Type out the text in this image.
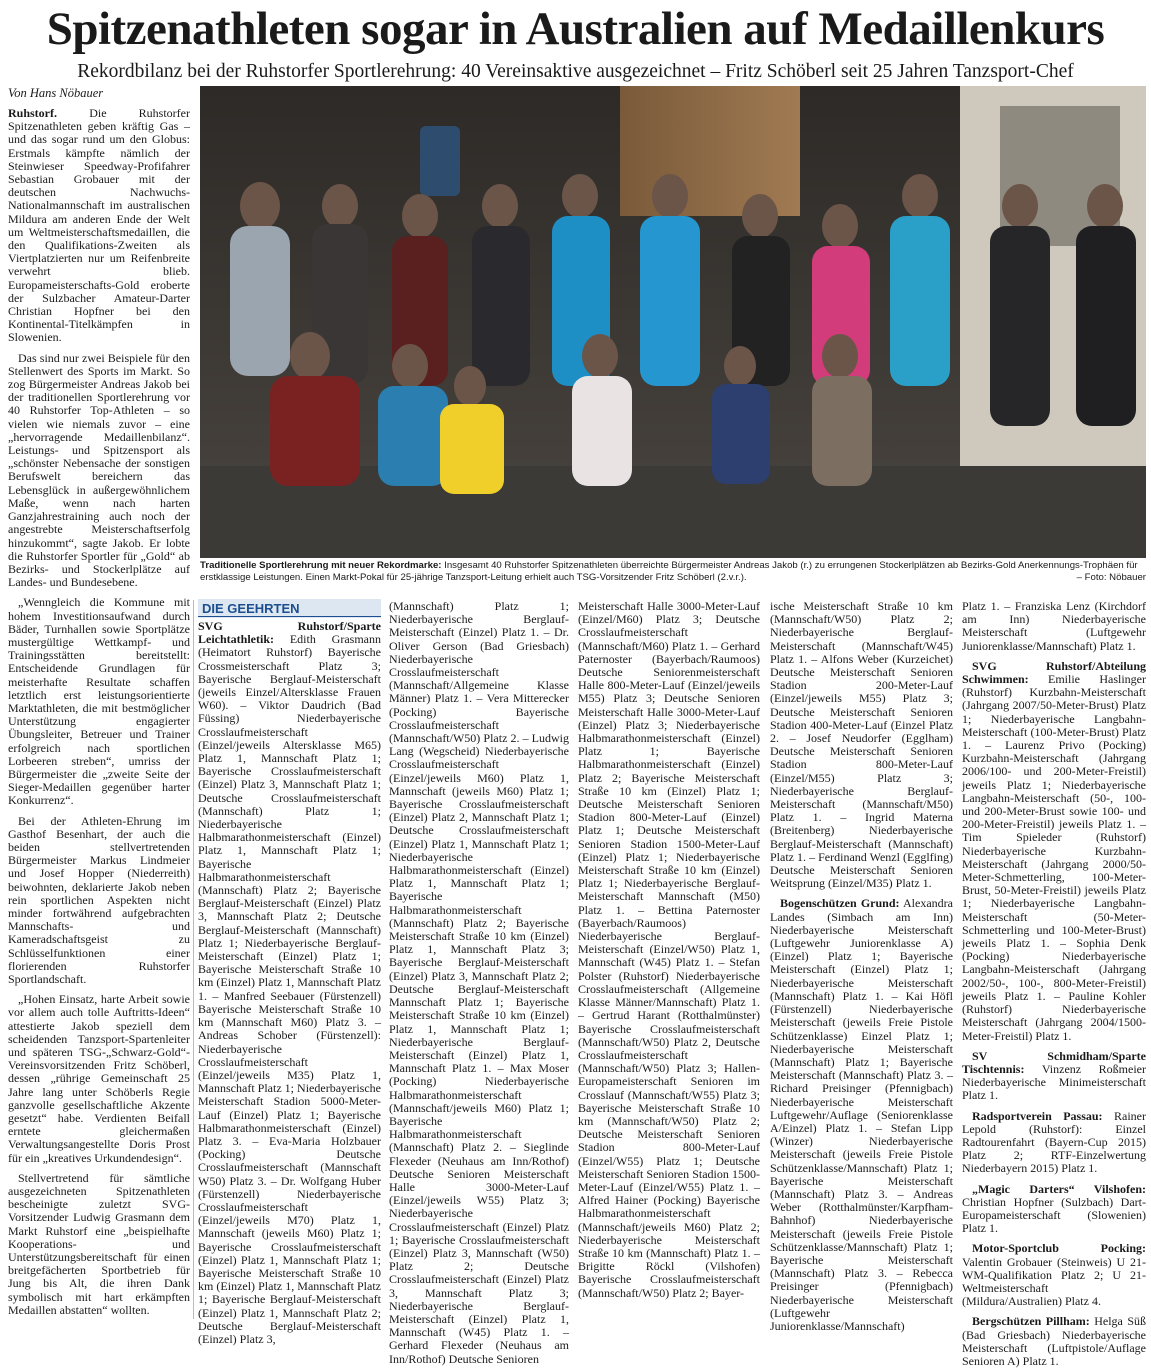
Spitzenathleten sogar in Australien auf Medaillenkurs
Rekordbilanz bei der Ruhstorfer Sportlerehrung: 40 Vereinsaktive ausgezeichnet – Fritz Schöberl seit 25 Jahren Tanzsport-Chef
Von Hans Nöbauer

Ruhstorf.	Die Ruhstorfer Spitzenathleten geben kräftig Gas – und das sogar rund um den Globus: Erstmals kämpfte nämlich der Steinwieser Speedway-Profifahrer Sebastian Grobauer mit der deutschen Nachwuchs-Nationalmannschaft im australischen Mildura am anderen Ende der Welt um Weltmeisterschaftsmedaillen, die den Qualifikations-Zweiten als Viertplatzierten nur um Reifenbreite verwehrt blieb. Europameisterschafts-Gold eroberte der Sulzbacher Amateur-Darter Christian Hopfner bei den Kontinental-Titelkämpfen in Slowenien.

Das sind nur zwei Beispiele für den Stellenwert des Sports im Markt. So zog Bürgermeister Andreas Jakob bei der traditionellen Sportlerehrung vor 40 Ruhstorfer Top-Athleten – so vielen wie niemals zuvor – eine „hervorragende Medaillenbilanz“. Leistungs- und Spitzensport als „schönster Nebensache der sonstigen Berufswelt bereichern das Lebensglück in außergewöhnlichem Maße, wenn nach harten Ganzjahrestraining auch noch der angestrebte Meisterschaftserfolg hinzukommt“, sagte Jakob. Er lobte die Ruhstorfer Sportler für „Gold“ ab Bezirks- und Stockerlplätze auf Landes- und Bundesebene.

„Wenngleich die Kommune mit hohem Investitionsaufwand durch Bäder, Turnhallen sowie Sportplätze mustergültige Wettkampf- und Trainingsstätten bereitstellt: Entscheidende Grundlagen für meisterhafte Resultate schaffen letztlich erst leistungsorientierte Marktathleten, die mit bestmöglicher Unterstützung engagierter Übungsleiter, Betreuer und Trainer erfolgreich nach sportlichen Lorbeeren streben“, umriss der Bürgermeister die „zweite Seite der Sieger-Medaillen gegenüber harter Konkurrenz“.

Bei der Athleten-Ehrung im Gasthof Besenhart, der auch die beiden stellvertretenden Bürgermeister Markus Lindmeier und Josef Hopper (Niederreith) beiwohnten, deklarierte Jakob neben rein sportlichen Aspekten nicht minder fortwährend aufgebrachten Mannschafts- und Kameradschaftsgeist zu Schlüsselfunktionen einer florierenden Ruhstorfer Sportlandschaft.

„Hohen Einsatz, harte Arbeit sowie vor allem auch tolle Auftritts-Ideen“ attestierte Jakob speziell dem scheidenden Tanzsport-Spartenleiter und späteren TSG-„Schwarz-Gold“-Vereinsvorsitzenden Fritz Schöberl, dessen „rührige Gemeinschaft 25 Jahre lang unter Schöberls Regie ganzvolle gesellschaftliche Akzente gesetzt“ habe. Verdienten Beifall erntete gleichermaßen Verwaltungsangestellte Doris Prost für ein „kreatives Urkundendesign“.

Stellvertretend für sämtliche ausgezeichneten Spitzenathleten bescheinigte zuletzt SVG-Vorsitzender Ludwig Grasmann dem Markt Ruhstorf eine „beispielhafte Kooperations- und Unterstützungsbereitschaft für einen breitgefächerten Sportbetrieb für Jung bis Alt, die ihren Dank symbolisch mit hart erkämpften Medaillen abstatten“ wollten.

Traditionelle Sportlerehrung mit neuer Rekordmarke: Insgesamt 40 Ruhstorfer Spitzenathleten überreichte Bürgermeister Andreas Jakob (r.) zu errungenen Stockerlplätzen ab Bezirks-Gold Anerkennungs-Trophäen für erstklassige Leistungen. Einen Markt-Pokal für 25-jährige Tanzsport-Leitung erhielt auch TSG-Vorsitzender Fritz Schöberl (2.v.r.).	– Foto: Nöbauer
DIE GEEHRTEN

SVG Ruhstorf/Sparte Leichtathletik: Edith Grasmann (Heimatort Ruhstorf) Bayerische Crossmeisterschaft Platz 3; Bayerische Berglauf-Meisterschaft (jeweils Einzel/Altersklasse Frauen W60). – Viktor Daudrich (Bad Füssing) Niederbayerische Crosslaufmeisterschaft (Einzel/jeweils Altersklasse M65) Platz 1, Mannschaft Platz 1; Bayerische Crosslaufmeisterschaft (Einzel) Platz 3, Mannschaft Platz 1; Deutsche Crosslaufmeisterschaft (Mannschaft) Platz 1; Niederbayerische Halbmarathonmeisterschaft (Einzel) Platz 1, Mannschaft Platz 1; Bayerische Halbmarathonmeisterschaft (Mannschaft) Platz 2; Bayerische Berglauf-Meisterschaft (Einzel) Platz 3, Mannschaft Platz 2; Deutsche Berglauf-Meisterschaft (Mannschaft) Platz 1; Niederbayerische Berglauf-Meisterschaft (Einzel) Platz 1; Bayerische Meisterschaft Straße 10 km (Einzel) Platz 1, Mannschaft Platz 1. – Manfred Seebauer (Fürstenzell) Bayerische Meisterschaft Straße 10 km (Mannschaft M60) Platz 3. – Andreas Schober (Fürstenzell): Niederbayerische Crosslaufmeisterschaft (Einzel/jeweils M35) Platz 1, Mannschaft Platz 1; Niederbayerische Meisterschaft Stadion 5000-Meter-Lauf (Einzel) Platz 1; Bayerische Halbmarathonmeisterschaft (Einzel) Platz 3. – Eva-Maria Holzbauer (Pocking) Deutsche Crosslaufmeisterschaft (Mannschaft W50) Platz 3. – Dr. Wolfgang Huber (Fürstenzell) Niederbayerische Crosslaufmeisterschaft (Einzel/jeweils M70) Platz 1, Mannschaft (jeweils M60) Platz 1; Bayerische Crosslaufmeisterschaft (Einzel) Platz 1, Mannschaft Platz 1; Bayerische Meisterschaft Straße 10 km (Einzel) Platz 1, Mannschaft Platz 1; Bayerische Berglauf-Meisterschaft (Einzel) Platz 1, Mannschaft Platz 2; Deutsche Berglauf-Meisterschaft (Einzel) Platz 3,

(Mannschaft) Platz 1; Niederbayerische Berglauf-Meisterschaft (Einzel) Platz 1. – Dr. Oliver Gerson (Bad Griesbach) Niederbayerische Crosslaufmeisterschaft (Mannschaft/Allgemeine Klasse Männer) Platz 1. – Vera Mitterecker (Pocking) Bayerische Crosslaufmeisterschaft (Mannschaft/W50) Platz 2. – Ludwig Lang (Wegscheid) Niederbayerische Crosslaufmeisterschaft (Einzel/jeweils M60) Platz 1, Mannschaft (jeweils M60) Platz 1; Bayerische Crosslaufmeisterschaft (Einzel) Platz 2, Mannschaft Platz 1; Deutsche Crosslaufmeisterschaft (Einzel) Platz 1, Mannschaft Platz 1; Niederbayerische Halbmarathonmeisterschaft (Einzel) Platz 1, Mannschaft Platz 1; Bayerische Halbmarathonmeisterschaft (Mannschaft) Platz 2; Bayerische Meisterschaft Straße 10 km (Einzel) Platz 1, Mannschaft Platz 3; Bayerische Berglauf-Meisterschaft (Einzel) Platz 3, Mannschaft Platz 2; Deutsche Berglauf-Meisterschaft Mannschaft Platz 1; Bayerische Meisterschaft Straße 10 km (Einzel) Platz 1, Mannschaft Platz 1; Niederbayerische Berglauf-Meisterschaft (Einzel) Platz 1, Mannschaft Platz 1. – Max Moser (Pocking) Niederbayerische Halbmarathonmeisterschaft (Mannschaft/jeweils M60) Platz 1; Bayerische Halbmarathonmeisterschaft (Mannschaft) Platz 2. – Sieglinde Flexeder (Neuhaus am Inn/Rothof) Deutsche Senioren Meisterschaft Halle 3000-Meter-Lauf (Einzel/jeweils W55) Platz 3; Niederbayerische Crosslaufmeisterschaft (Einzel) Platz 1; Bayerische Crosslaufmeisterschaft (Einzel) Platz 3, Mannschaft (W50) Platz 2; Deutsche Crosslaufmeisterschaft (Einzel) Platz 3, Mannschaft Platz 3; Niederbayerische Berglauf-Meisterschaft (Einzel) Platz 1, Mannschaft (W45) Platz 1. – Gerhard Flexeder (Neuhaus am Inn/Rothof) Deutsche Senioren

Meisterschaft Halle 3000-Meter-Lauf (Einzel/M60) Platz 3; Deutsche Crosslaufmeisterschaft (Mannschaft/M60) Platz 1. – Gerhard Paternoster (Bayerbach/Raumoos) Deutsche Seniorenmeisterschaft Halle 800-Meter-Lauf (Einzel/jeweils M55) Platz 3; Deutsche Senioren Meisterschaft Halle 3000-Meter-Lauf (Einzel) Platz 3; Niederbayerische Halbmarathonmeisterschaft (Einzel) Platz 1; Bayerische Halbmarathonmeisterschaft (Einzel) Platz 2; Bayerische Meisterschaft Straße 10 km (Einzel) Platz 1; Deutsche Meisterschaft Senioren Stadion 800-Meter-Lauf (Einzel) Platz 1; Deutsche Meisterschaft Senioren Stadion 1500-Meter-Lauf (Einzel) Platz 1; Niederbayerische Meisterschaft Straße 10 km (Einzel) Platz 1; Niederbayerische Berglauf-Meisterschaft Mannschaft (M50) Platz 1. – Bettina Paternoster (Bayerbach/Raumoos) Niederbayerische Berglauf-Meisterschaft (Einzel/W50) Platz 1, Mannschaft (W45) Platz 1. – Stefan Polster (Ruhstorf) Niederbayerische Crosslaufmeisterschaft (Allgemeine Klasse Männer/Mannschaft) Platz 1. – Gertrud Harant (Rotthalmünster) Bayerische Crosslaufmeisterschaft (Mannschaft/W50) Platz 2, Deutsche Crosslaufmeisterschaft (Mannschaft/W50) Platz 3; Hallen-Europameisterschaft Senioren im Crosslauf (Mannschaft/W55) Platz 3; Bayerische Meisterschaft Straße 10 km (Mannschaft/W50) Platz 2; Deutsche Meisterschaft Senioren Stadion 800-Meter-Lauf (Einzel/W55) Platz 1; Deutsche Meisterschaft Senioren Stadion 1500-Meter-Lauf (Einzel/W55) Platz 1. – Alfred Hainer (Pocking) Bayerische Halbmarathonmeisterschaft (Mannschaft/jeweils M60) Platz 2; Niederbayerische Meisterschaft Straße 10 km (Mannschaft) Platz 1. – Brigitte Röckl (Vilshofen) Bayerische Crosslaufmeisterschaft (Mannschaft/W50) Platz 2; Bayer-

ische Meisterschaft Straße 10 km (Mannschaft/W50) Platz 2; Niederbayerische Berglauf-Meisterschaft (Mannschaft/W45) Platz 1. – Alfons Weber (Kurzeichet) Deutsche Meisterschaft Senioren Stadion 200-Meter-Lauf (Einzel/jeweils M55) Platz 3; Deutsche Meisterschaft Senioren Stadion 400-Meter-Lauf (Einzel Platz 2. – Josef Neudorfer (Egglham) Deutsche Meisterschaft Senioren Stadion 800-Meter-Lauf (Einzel/M55) Platz 3; Niederbayerische Berglauf-Meisterschaft (Mannschaft/M50) Platz 1. – Ingrid Materna (Breitenberg) Niederbayerische Berglauf-Meisterschaft (Mannschaft) Platz 1. – Ferdinand Wenzl (Egglfing) Deutsche Meisterschaft Senioren Weitsprung (Einzel/M35) Platz 1.

Bogenschützen Grund: Alexandra Landes (Simbach am Inn) Niederbayerische Meisterschaft (Luftgewehr Juniorenklasse A) (Einzel) Platz 1; Bayerische Meisterschaft (Einzel) Platz 1; Niederbayerische Meisterschaft (Mannschaft) Platz 1. – Kai Höfl (Fürstenzell) Niederbayerische Meisterschaft (jeweils Freie Pistole Schützenklasse) Einzel Platz 1; Niederbayerische Meisterschaft (Mannschaft) Platz 1; Bayerische Meisterschaft (Mannschaft) Platz 3. – Richard Preisinger (Pfennigbach) Niederbayerische Meisterschaft Luftgewehr/Auflage (Seniorenklasse A/Einzel) Platz 1. – Stefan Lipp (Winzer) Niederbayerische Meisterschaft (jeweils Freie Pistole Schützenklasse/Mannschaft) Platz 1; Bayerische Meisterschaft (Mannschaft) Platz 3. – Andreas Weber (Rotthalmünster/Karpfham-Bahnhof) Niederbayerische Meisterschaft (jeweils Freie Pistole Schützenklasse/Mannschaft) Platz 1; Bayerische Meisterschaft (Mannschaft) Platz 3. – Rebecca Preisinger (Pfennigbach) Niederbayerische Meisterschaft (Luftgewehr Juniorenklasse/Mannschaft)

Platz 1. – Franziska Lenz (Kirchdorf am Inn) Niederbayerische Meisterschaft (Luftgewehr Juniorenklasse/Mannschaft) Platz 1.

SVG Ruhstorf/Abteilung Schwimmen: Emilie Haslinger (Ruhstorf) Kurzbahn-Meisterschaft (Jahrgang 2007/50-Meter-Brust) Platz 1; Niederbayerische Langbahn-Meisterschaft (100-Meter-Brust) Platz 1. – Laurenz Privo (Pocking) Kurzbahn-Meisterschaft (Jahrgang 2006/100- und 200-Meter-Freistil) jeweils Platz 1; Niederbayerische Langbahn-Meisterschaft (50-, 100- und 200-Meter-Brust sowie 100- und 200-Meter-Freistil) jeweils Platz 1. – Tim Spieleder (Ruhstorf) Niederbayerische Kurzbahn-Meisterschaft (Jahrgang 2000/50-Meter-Schmetterling, 100-Meter-Brust, 50-Meter-Freistil) jeweils Platz 1; Niederbayerische Langbahn-Meisterschaft (50-Meter-Schmetterling und 100-Meter-Brust) jeweils Platz 1. – Sophia Denk (Pocking) Niederbayerische Langbahn-Meisterschaft (Jahrgang 2002/50-, 100-, 800-Meter-Freistil) jeweils Platz 1. – Pauline Kohler (Ruhstorf) Niederbayerische Meisterschaft (Jahrgang 2004/1500-Meter-Freistil) Platz 1.

SV Schmidham/Sparte Tischtennis: Vinzenz Roßmeier Niederbayerische Minimeisterschaft Platz 1.

Radsportverein Passau: Rainer Lepold (Ruhstorf): Einzel Radtourenfahrt (Bayern-Cup 2015) Platz 2; RTF-Einzelwertung Niederbayern 2015) Platz 1.

„Magic Darters“ Vilshofen: Christian Hopfner (Sulzbach) Dart-Europameisterschaft (Slowenien) Platz 1.

Motor-Sportclub Pocking: Valentin Grobauer (Steinweis) U 21-WM-Qualifikation Platz 2; U 21-Weltmeisterschaft (Mildura/Australien) Platz 4.

Bergschützen Pillham: Helga Süß (Bad Griesbach) Niederbayerische Meisterschaft (Luftpistole/Auflage Senioren A) Platz 1.
